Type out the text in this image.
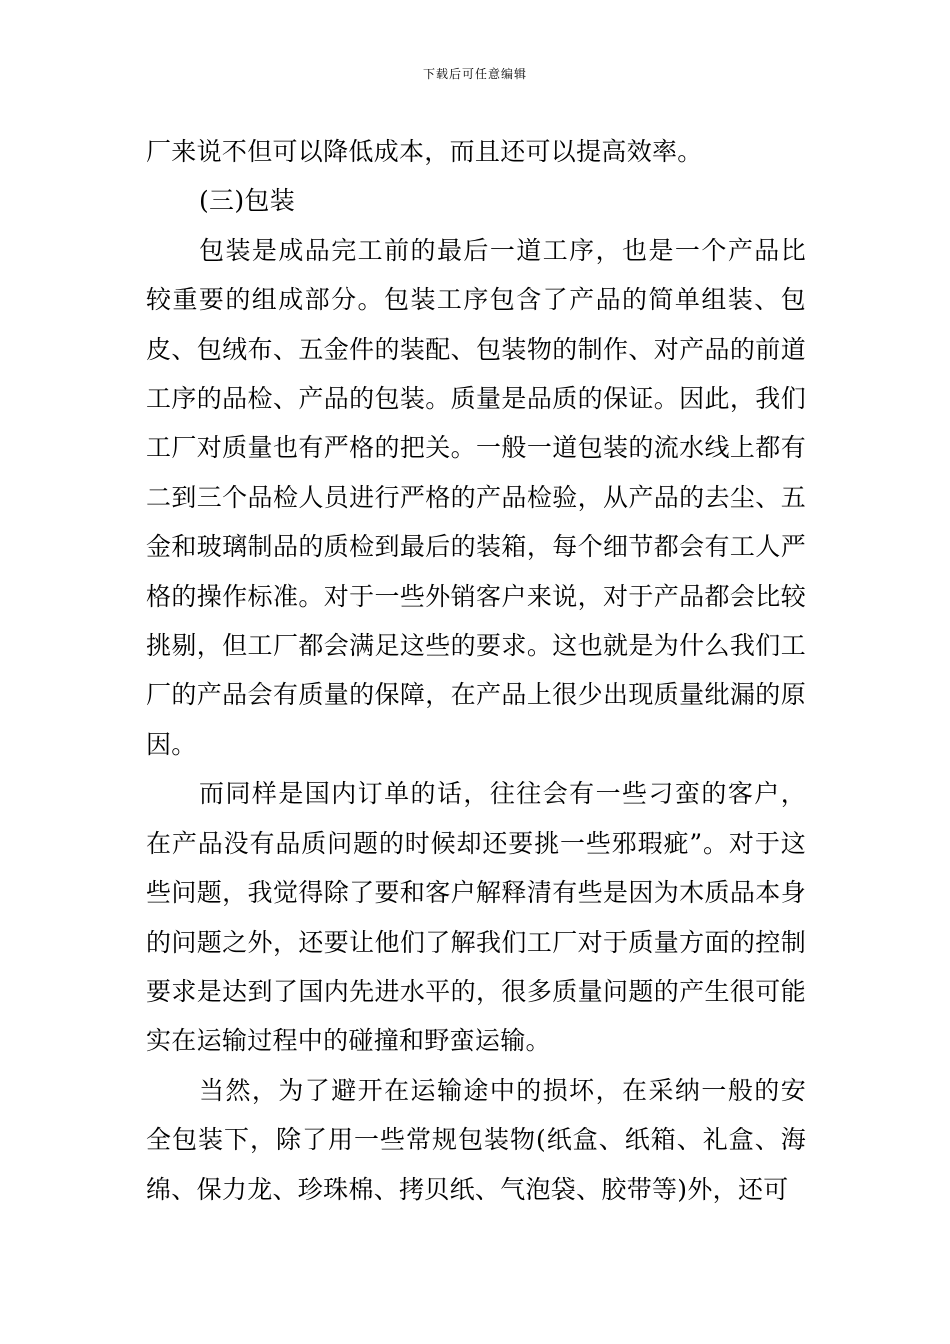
下载后可任意编辑

厂来说不但可以降低成本，而且还可以提高效率。

(三)包装

包装是成品完工前的最后一道工序，也是一个产品比较重要的组成部分。包装工序包含了产品的简单组装、包皮、包绒布、五金件的装配、包装物的制作、对产品的前道工序的品检、产品的包装。质量是品质的保证。因此，我们工厂对质量也有严格的把关。一般一道包装的流水线上都有二到三个品检人员进行严格的产品检验，从产品的去尘、五金和玻璃制品的质检到最后的装箱，每个细节都会有工人严格的操作标准。对于一些外销客户来说，对于产品都会比较挑剔，但工厂都会满足这些的要求。这也就是为什么我们工厂的产品会有质量的保障，在产品上很少出现质量纰漏的原因。

而同样是国内订单的话，往往会有一些刁蛮的客户，在产品没有品质问题的时候却还要挑一些邪瑕疵”。对于这些问题，我觉得除了要和客户解释清有些是因为木质品本身的问题之外，还要让他们了解我们工厂对于质量方面的控制要求是达到了国内先进水平的，很多质量问题的产生很可能实在运输过程中的碰撞和野蛮运输。

当然，为了避开在运输途中的损坏，在采纳一般的安全包装下，除了用一些常规包装物(纸盒、纸箱、礼盒、海绵、保力龙、珍珠棉、拷贝纸、气泡袋、胶带等)外，还可
